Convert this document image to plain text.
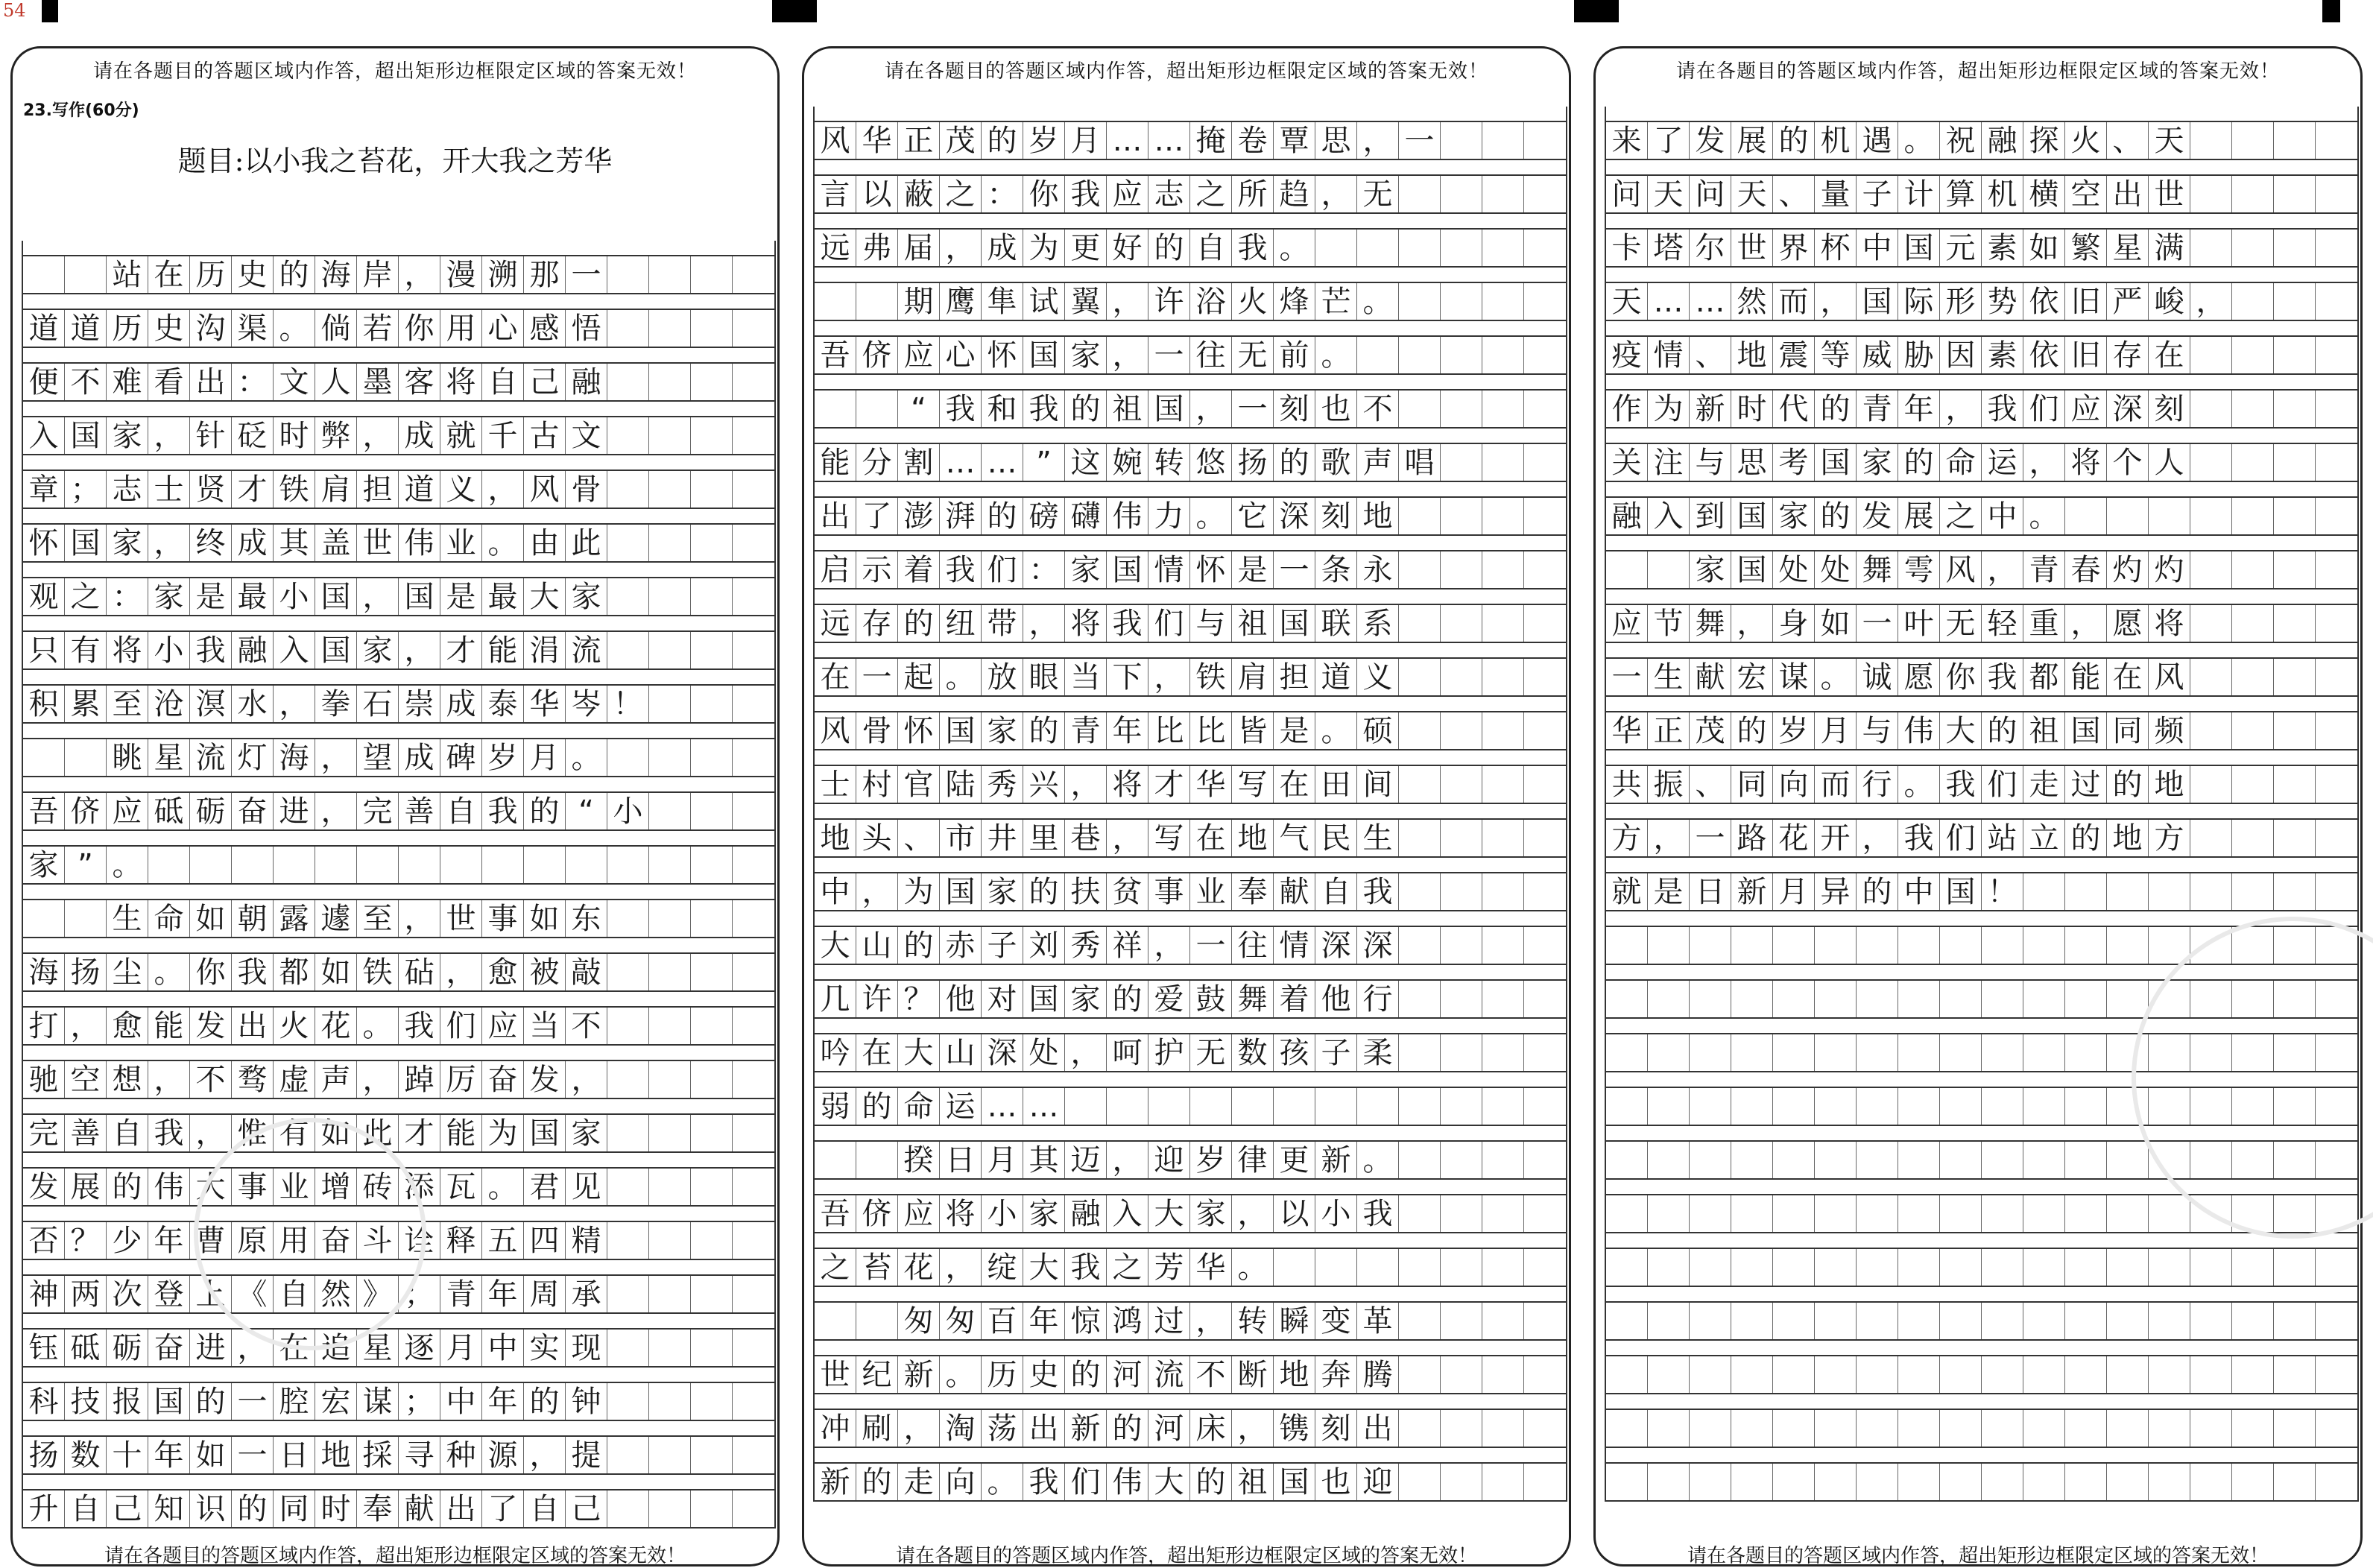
54
请在各题目的答题区域内作答，超出矩形边框限定区域的答案无效！
23.写作(60分)
题目:以小我之苔花，开大我之芳华
站 在 历 史 的 海 岸 ， 漫 溯 那 一
道 道 历 史 沟 渠 。 倘 若 你 用 心 感 悟
便 不 难 看 出 ： 文 人 墨 客 将 自 己 融
入 国 家 ， 针 砭 时 弊 ， 成 就 千 古 文
章 ； 志 士 贤 才 铁 肩 担 道 义 ， 风 骨
怀 国 家 ， 终 成 其 盖 世 伟 业 。 由 此
观 之 ： 家 是 最 小 国 ， 国 是 最 大 家
只 有 将 小 我 融 入 国 家 ， 才 能 涓 流
积 累 至 沧 溟 水 ， 拳 石 崇 成 泰 华 岑 ！
眺 星 流 灯 海 ， 望 成 碑 岁 月 。
吾 侪 应 砥 砺 奋 进 ， 完 善 自 我 的 “ 小
家 ” 。
生 命 如 朝 露 遽 至 ， 世 事 如 东
海 扬 尘 。 你 我 都 如 铁 砧 ， 愈 被 敲
打 ， 愈 能 发 出 火 花 。 我 们 应 当 不
驰 空 想 ， 不 骛 虚 声 ， 踔 厉 奋 发 ，
完 善 自 我 ， 惟 有 如 此 才 能 为 国 家
发 展 的 伟 大 事 业 增 砖 添 瓦 。 君 见
否 ？ 少 年 曹 原 用 奋 斗 诠 释 五 四 精
神 两 次 登 上 《 自 然 》 ； 青 年 周 承
钰 砥 砺 奋 进 ， 在 追 星 逐 月 中 实 现
科 技 报 国 的 一 腔 宏 谋 ； 中 年 的 钟
扬 数 十 年 如 一 日 地 採 寻 种 源 ， 提
升 自 己 知 识 的 同 时 奉 献 出 了 自 己
请在各题目的答题区域内作答，超出矩形边框限定区域的答案无效！
请在各题目的答题区域内作答，超出矩形边框限定区域的答案无效！
风 华 正 茂 的 岁 月 … … 掩 卷 覃 思 ， 一
言 以 蔽 之 ： 你 我 应 志 之 所 趋 ， 无
远 弗 届 ， 成 为 更 好 的 自 我 。
期 鹰 隼 试 翼 ， 许 浴 火 烽 芒 。
吾 侪 应 心 怀 国 家 ， 一 往 无 前 。
“ 我 和 我 的 祖 国 ， 一 刻 也 不
能 分 割 … … ” 这 婉 转 悠 扬 的 歌 声 唱
出 了 澎 湃 的 磅 礴 伟 力 。 它 深 刻 地
启 示 着 我 们 ： 家 国 情 怀 是 一 条 永
远 存 的 纽 带 ， 将 我 们 与 祖 国 联 系
在 一 起 。 放 眼 当 下 ， 铁 肩 担 道 义
风 骨 怀 国 家 的 青 年 比 比 皆 是 。 硕
士 村 官 陆 秀 兴 ， 将 才 华 写 在 田 间
地 头 、 市 井 里 巷 ， 写 在 地 气 民 生
中 ， 为 国 家 的 扶 贫 事 业 奉 献 自 我
大 山 的 赤 子 刘 秀 祥 ， 一 往 情 深 深
几 许 ？ 他 对 国 家 的 爱 鼓 舞 着 他 行
吟 在 大 山 深 处 ， 呵 护 无 数 孩 子 柔
弱 的 命 运 … …
揆 日 月 其 迈 ， 迎 岁 律 更 新 。
吾 侪 应 将 小 家 融 入 大 家 ， 以 小 我
之 苔 花 ， 绽 大 我 之 芳 华 。
匆 匆 百 年 惊 鸿 过 ， 转 瞬 变 革
世 纪 新 。 历 史 的 河 流 不 断 地 奔 腾
冲 刷 ， 淘 荡 出 新 的 河 床 ， 镌 刻 出
新 的 走 向 。 我 们 伟 大 的 祖 国 也 迎
请在各题目的答题区域内作答，超出矩形边框限定区域的答案无效！
请在各题目的答题区域内作答，超出矩形边框限定区域的答案无效！
来 了 发 展 的 机 遇 。 祝 融 探 火 、 天
问 天 问 天 、 量 子 计 算 机 横 空 出 世
卡 塔 尔 世 界 杯 中 国 元 素 如 繁 星 满
天 … … 然 而 ， 国 际 形 势 依 旧 严 峻 ，
疫 情 、 地 震 等 威 胁 因 素 依 旧 存 在
作 为 新 时 代 的 青 年 ， 我 们 应 深 刻
关 注 与 思 考 国 家 的 命 运 ， 将 个 人
融 入 到 国 家 的 发 展 之 中 。
家 国 处 处 舞 雩 风 ， 青 春 灼 灼
应 节 舞 ， 身 如 一 叶 无 轻 重 ， 愿 将
一 生 献 宏 谋 。 诚 愿 你 我 都 能 在 风
华 正 茂 的 岁 月 与 伟 大 的 祖 国 同 频
共 振 、 同 向 而 行 。 我 们 走 过 的 地
方 ， 一 路 花 开 ， 我 们 站 立 的 地 方
就 是 日 新 月 异 的 中 国 ！
请在各题目的答题区域内作答，超出矩形边框限定区域的答案无效！
